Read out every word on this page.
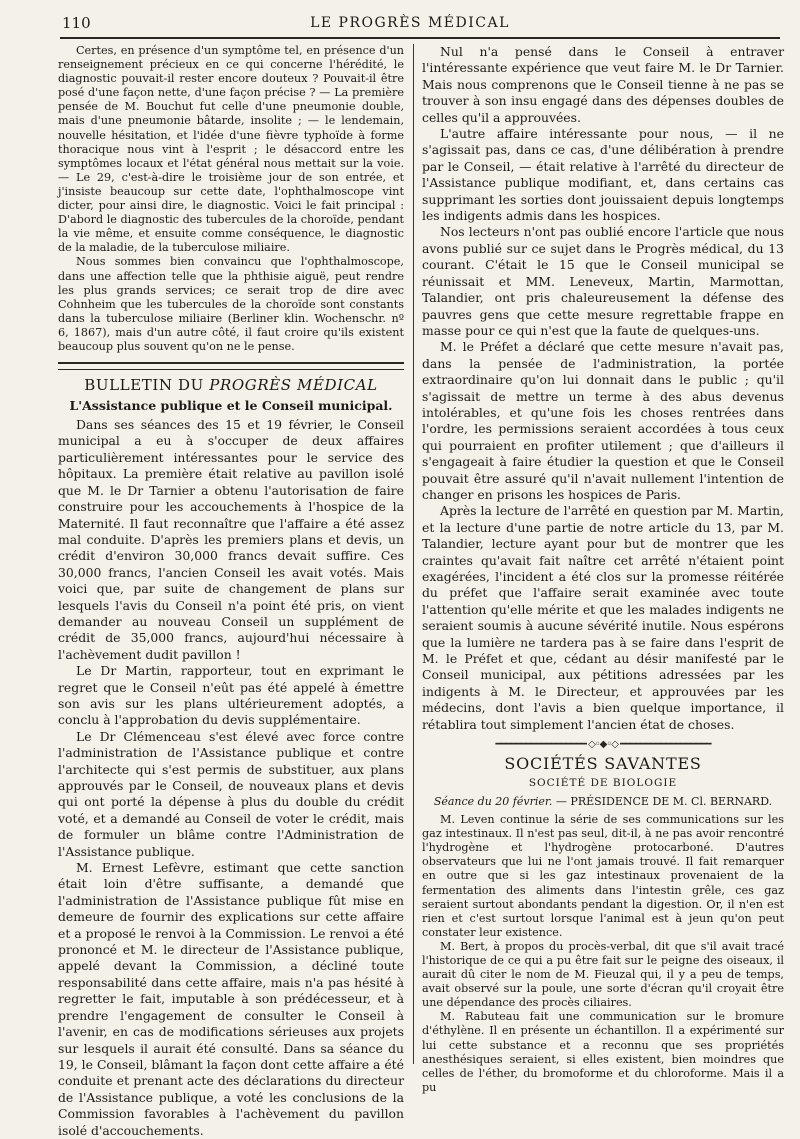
110	LE PROGRÈS MÉDICAL

Certes, en présence d'un symptôme tel, en présence d'un renseignement précieux en ce qui concerne l'hérédité, le diagnostic pouvait-il rester encore douteux ? Pouvait-il être posé d'une façon nette, d'une façon précise ? — La première pensée de M. Bouchut fut celle d'une pneumonie double, mais d'une pneumonie bâtarde, insolite ; — le lendemain, nouvelle hésitation, et l'idée d'une fièvre typhoïde à forme thoracique nous vint à l'esprit ; le désaccord entre les symptômes locaux et l'état général nous mettait sur la voie. — Le 29, c'est-à-dire le troisième jour de son entrée, et j'insiste beaucoup sur cette date, l'ophthalmoscope vint dicter, pour ainsi dire, le diagnostic. Voici le fait principal : D'abord le diagnostic des tubercules de la choroïde, pendant la vie même, et ensuite comme conséquence, le diagnostic de la maladie, de la tuberculose miliaire.

Nous sommes bien convaincu que l'ophthalmoscope, dans une affection telle que la phthisie aiguë, peut rendre les plus grands services; ce serait trop de dire avec Cohnheim que les tubercules de la choroïde sont constants dans la tuberculose miliaire (Berliner klin. Wochenschr. nº 6, 1867), mais d'un autre côté, il faut croire qu'ils existent beaucoup plus souvent qu'on ne le pense.

BULLETIN DU PROGRÈS MÉDICAL
L'Assistance publique et le Conseil municipal.

Dans ses séances des 15 et 19 février, le Conseil municipal a eu à s'occuper de deux affaires particulièrement intéressantes pour le service des hôpitaux. La première était relative au pavillon isolé que M. le Dr Tarnier a obtenu l'autorisation de faire construire pour les accouchements à l'hospice de la Maternité. Il faut reconnaître que l'affaire a été assez mal conduite. D'après les premiers plans et devis, un crédit d'environ 30,000 francs devait suffire. Ces 30,000 francs, l'ancien Conseil les avait votés. Mais voici que, par suite de changement de plans sur lesquels l'avis du Conseil n'a point été pris, on vient demander au nouveau Conseil un supplément de crédit de 35,000 francs, aujourd'hui nécessaire à l'achèvement dudit pavillon !

Le Dr Martin, rapporteur, tout en exprimant le regret que le Conseil n'eût pas été appelé à émettre son avis sur les plans ultérieurement adoptés, a conclu à l'approbation du devis supplémentaire.

Le Dr Clémenceau s'est élevé avec force contre l'administration de l'Assistance publique et contre l'architecte qui s'est permis de substituer, aux plans approuvés par le Conseil, de nouveaux plans et devis qui ont porté la dépense à plus du double du crédit voté, et a demandé au Conseil de voter le crédit, mais de formuler un blâme contre l'Administration de l'Assistance publique.

M. Ernest Lefèvre, estimant que cette sanction était loin d'être suffisante, a demandé que l'administration de l'Assistance publique fût mise en demeure de fournir des explications sur cette affaire et a proposé le renvoi à la Commission. Le renvoi a été prononcé et M. le directeur de l'Assistance publique, appelé devant la Commission, a décliné toute responsabilité dans cette affaire, mais n'a pas hésité à regretter le fait, imputable à son prédécesseur, et à prendre l'engagement de consulter le Conseil à l'avenir, en cas de modifications sérieuses aux projets sur lesquels il aurait été consulté. Dans sa séance du 19, le Conseil, blâmant la façon dont cette affaire a été conduite et prenant acte des déclarations du directeur de l'Assistance publique, a voté les conclusions de la Commission favorables à l'achèvement du pavillon isolé d'accouchements.

Nul n'a pensé dans le Conseil à entraver l'intéressante expérience que veut faire M. le Dr Tarnier. Mais nous comprenons que le Conseil tienne à ne pas se trouver à son insu engagé dans des dépenses doubles de celles qu'il a approuvées.

L'autre affaire intéressante pour nous, — il ne s'agissait pas, dans ce cas, d'une délibération à prendre par le Conseil, — était relative à l'arrêté du directeur de l'Assistance publique modifiant, et, dans certains cas supprimant les sorties dont jouissaient depuis longtemps les indigents admis dans les hospices.

Nos lecteurs n'ont pas oublié encore l'article que nous avons publié sur ce sujet dans le Progrès médical, du 13 courant. C'était le 15 que le Conseil municipal se réunissait et MM. Leneveux, Martin, Marmottan, Talandier, ont pris chaleureusement la défense des pauvres gens que cette mesure regrettable frappe en masse pour ce qui n'est que la faute de quelques-uns.

M. le Préfet a déclaré que cette mesure n'avait pas, dans la pensée de l'administration, la portée extraordinaire qu'on lui donnait dans le public ; qu'il s'agissait de mettre un terme à des abus devenus intolérables, et qu'une fois les choses rentrées dans l'ordre, les permissions seraient accordées à tous ceux qui pourraient en profiter utilement ; que d'ailleurs il s'engageait à faire étudier la question et que le Conseil pouvait être assuré qu'il n'avait nullement l'intention de changer en prisons les hospices de Paris.

Après la lecture de l'arrêté en question par M. Martin, et la lecture d'une partie de notre article du 13, par M. Talandier, lecture ayant pour but de montrer que les craintes qu'avait fait naître cet arrêté n'étaient point exagérées, l'incident a été clos sur la promesse réitérée du préfet que l'affaire serait examinée avec toute l'attention qu'elle mérite et que les malades indigents ne seraient soumis à aucune sévérité inutile. Nous espérons que la lumière ne tardera pas à se faire dans l'esprit de M. le Préfet et que, cédant au désir manifesté par le Conseil municipal, aux pétitions adressées par les indigents à M. le Directeur, et approuvées par les médecins, dont l'avis a bien quelque importance, il rétablira tout simplement l'ancien état de choses.

━━━━━━━━━━━━━━━━━━ ◇◦◆◦◇ ━━━━━━━━━━━━━━━━━━
SOCIÉTÉS SAVANTES
SOCIÉTÉ DE BIOLOGIE
Séance du 20 février. — PRÉSIDENCE DE M. Cl. BERNARD.

M. Leven continue la série de ses communications sur les gaz intestinaux. Il n'est pas seul, dit-il, à ne pas avoir rencontré l'hydrogène et l'hydrogène protocarboné. D'autres observateurs que lui ne l'ont jamais trouvé. Il fait remarquer en outre que si les gaz intestinaux provenaient de la fermentation des aliments dans l'intestin grêle, ces gaz seraient surtout abondants pendant la digestion. Or, il n'en est rien et c'est surtout lorsque l'animal est à jeun qu'on peut constater leur existence.

M. Bert, à propos du procès-verbal, dit que s'il avait tracé l'historique de ce qui a pu être fait sur le peigne des oiseaux, il aurait dû citer le nom de M. Fieuzal qui, il y a peu de temps, avait observé sur la poule, une sorte d'écran qu'il croyait être une dépendance des procès ciliaires.

M. Rabuteau fait une communication sur le bromure d'éthylène. Il en présente un échantillon. Il a expérimenté sur lui cette substance et a reconnu que ses propriétés anesthésiques seraient, si elles existent, bien moindres que celles de l'éther, du bromoforme et du chloroforme. Mais il a pu
